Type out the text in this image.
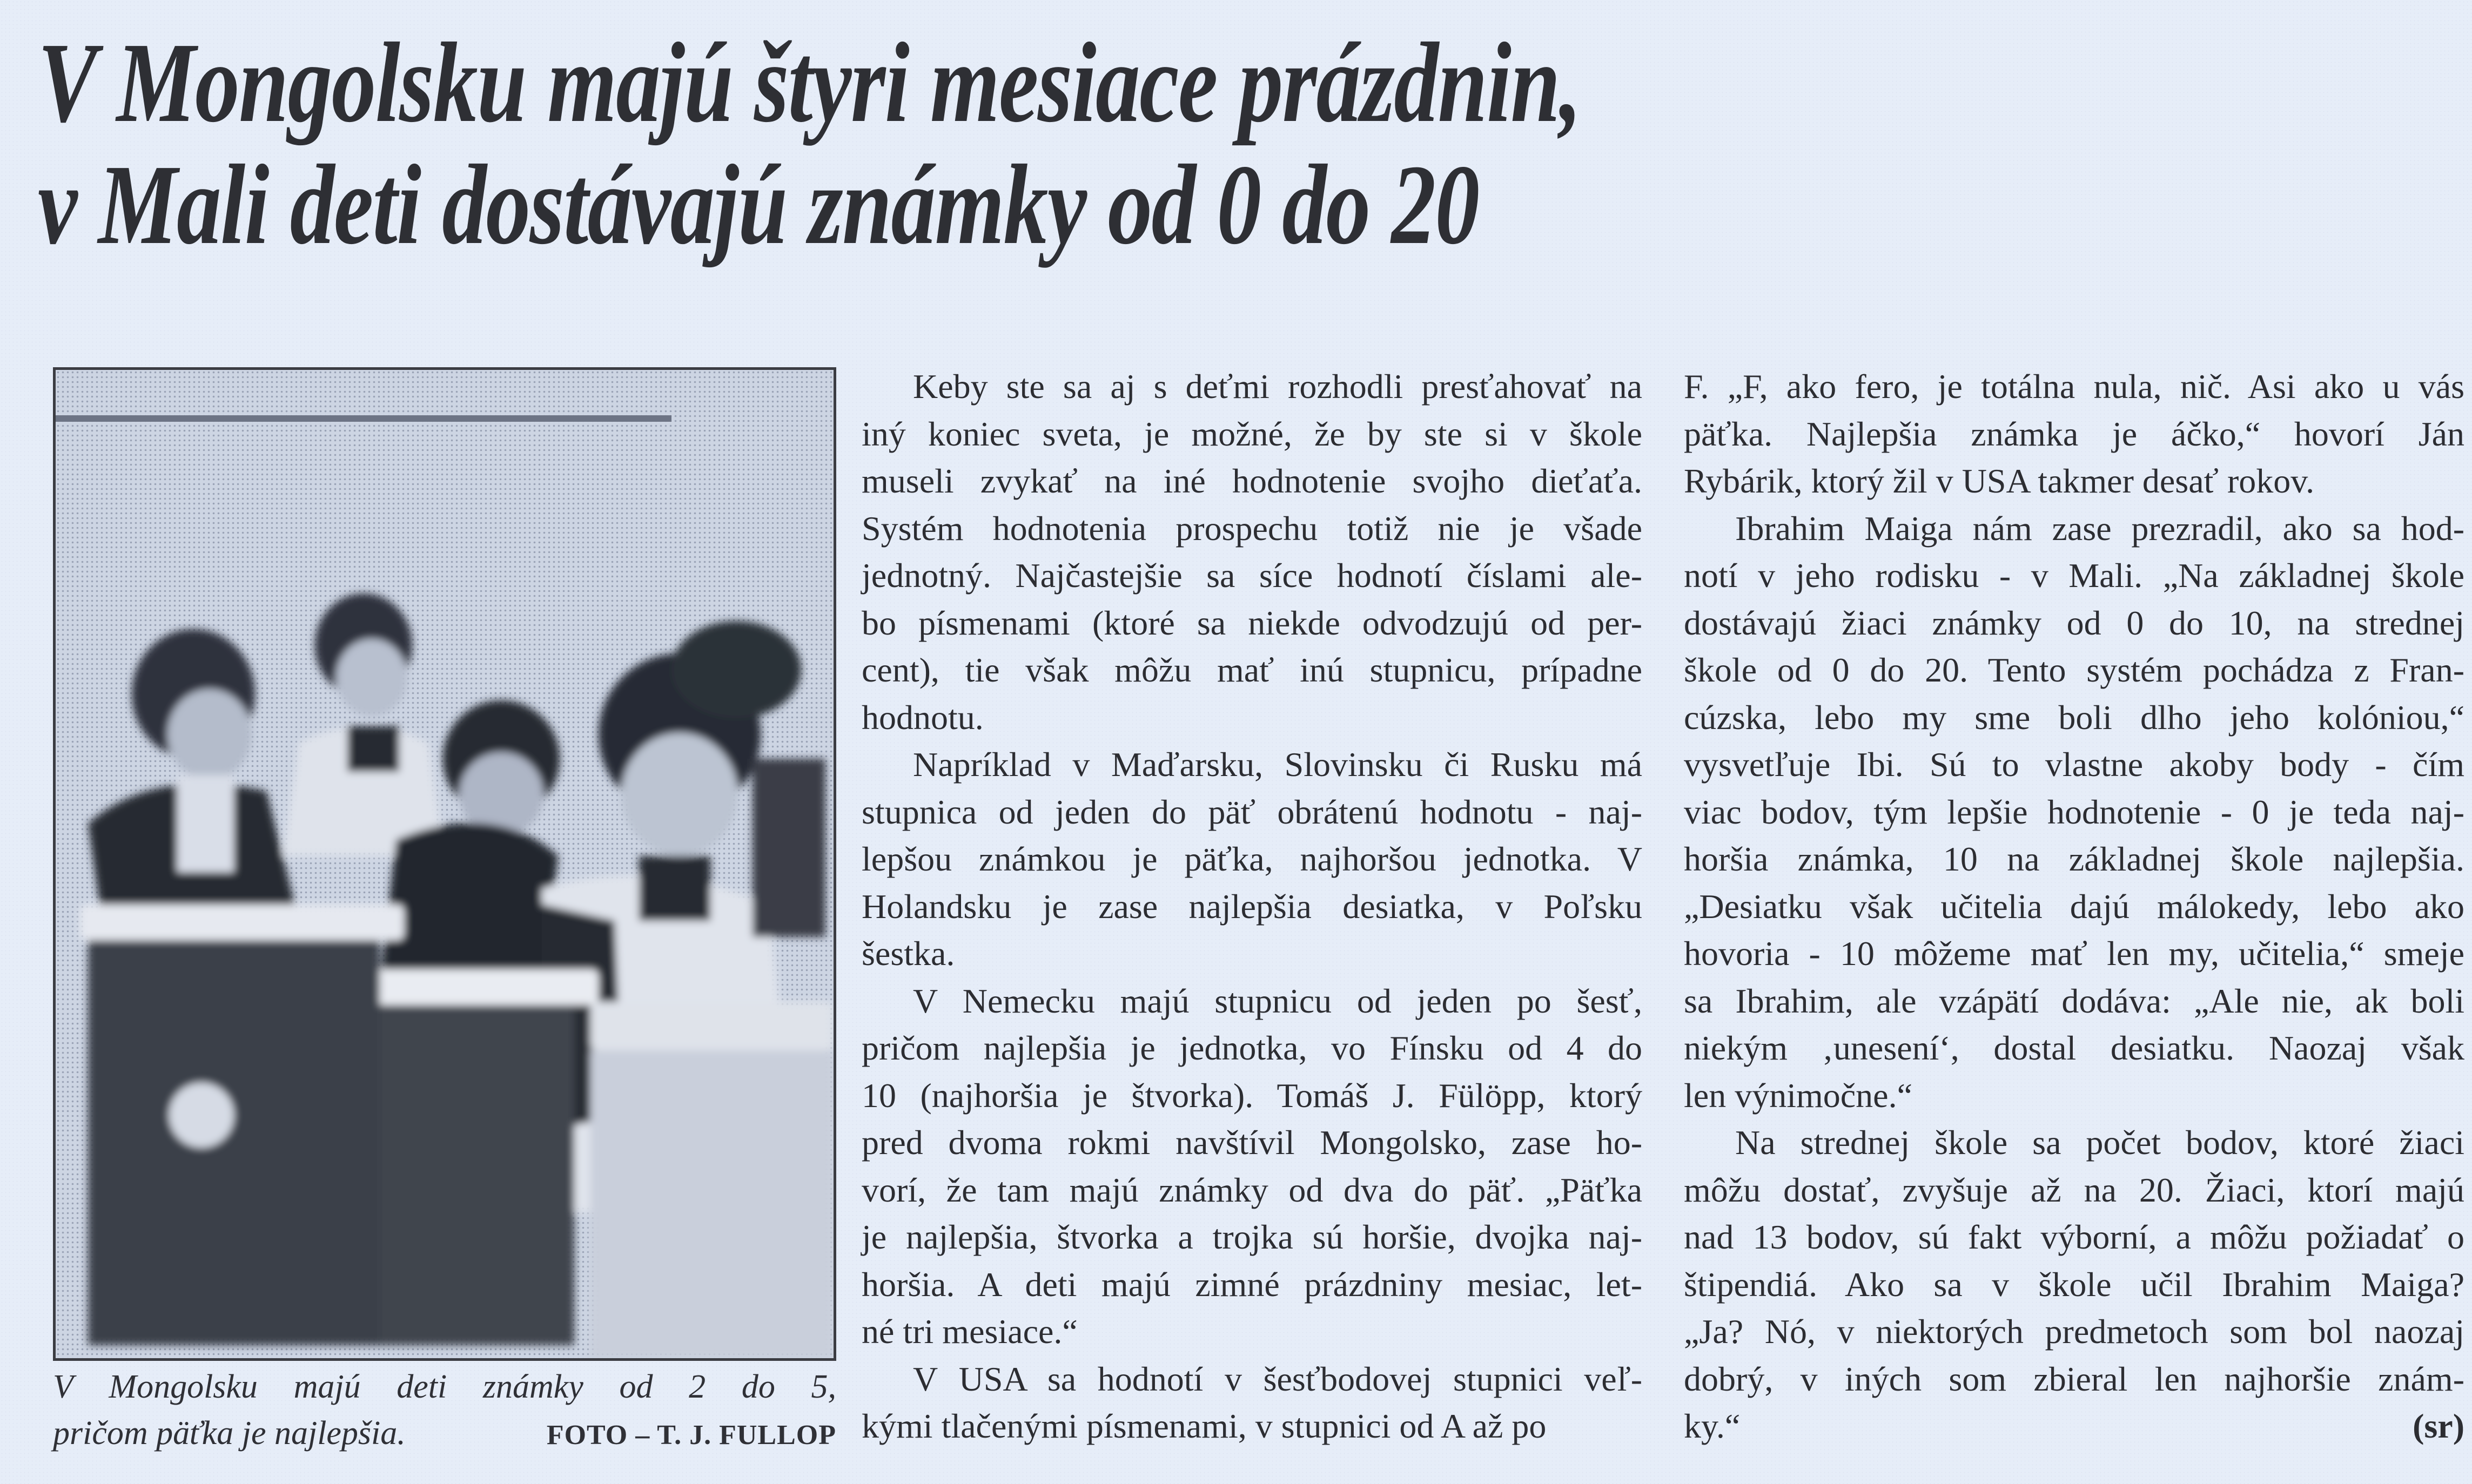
V Mongolsku majú štyri mesiace prázdnin,
v Mali deti dostávajú známky od 0 do 20
V Mongolsku majú deti známky od 2 do 5,
pričom päťka je najlepšia.	FOTO – T. J. FULLOP
Keby ste sa aj s deťmi rozhodli presťahovať na
iný koniec sveta, je možné, že by ste si v škole
museli zvykať na iné hodnotenie svojho dieťaťa.
Systém hodnotenia prospechu totiž nie je všade
jednotný. Najčastejšie sa síce hodnotí číslami ale-
bo písmenami (ktoré sa niekde odvodzujú od per-
cent), tie však môžu mať inú stupnicu, prípadne
hodnotu.
Napríklad v Maďarsku, Slovinsku či Rusku má
stupnica od jeden do päť obrátenú hodnotu - naj-
lepšou známkou je päťka, najhoršou jednotka. V
Holandsku je zase najlepšia desiatka, v Poľsku
šestka.
V Nemecku majú stupnicu od jeden po šesť,
pričom najlepšia je jednotka, vo Fínsku od 4 do
10 (najhoršia je štvorka). Tomáš J. Fülöpp, ktorý
pred dvoma rokmi navštívil Mongolsko, zase ho-
vorí, že tam majú známky od dva do päť. „Päťka
je najlepšia, štvorka a trojka sú horšie, dvojka naj-
horšia. A deti majú zimné prázdniny mesiac, let-
né tri mesiace.“
V USA sa hodnotí v šesťbodovej stupnici veľ-
kými tlačenými písmenami, v stupnici od A až po
F. „F, ako fero, je totálna nula, nič. Asi ako u vás
päťka. Najlepšia známka je áčko,“ hovorí Ján
Rybárik, ktorý žil v USA takmer desať rokov.
Ibrahim Maiga nám zase prezradil, ako sa hod-
notí v jeho rodisku - v Mali. „Na základnej škole
dostávajú žiaci známky od 0 do 10, na strednej
škole od 0 do 20. Tento systém pochádza z Fran-
cúzska, lebo my sme boli dlho jeho kolóniou,“
vysvetľuje Ibi. Sú to vlastne akoby body - čím
viac bodov, tým lepšie hodnotenie - 0 je teda naj-
horšia známka, 10 na základnej škole najlepšia.
„Desiatku však učitelia dajú málokedy, lebo ako
hovoria - 10 môžeme mať len my, učitelia,“ smeje
sa Ibrahim, ale vzápätí dodáva: „Ale nie, ak boli
niekým ‚unesení‘, dostal desiatku. Naozaj však
len výnimočne.“
Na strednej škole sa počet bodov, ktoré žiaci
môžu dostať, zvyšuje až na 20. Žiaci, ktorí majú
nad 13 bodov, sú fakt výborní, a môžu požiadať o
štipendiá. Ako sa v škole učil Ibrahim Maiga?
„Ja? Nó, v niektorých predmetoch som bol naozaj
dobrý, v iných som zbieral len najhoršie znám-
ky.“	(sr)
